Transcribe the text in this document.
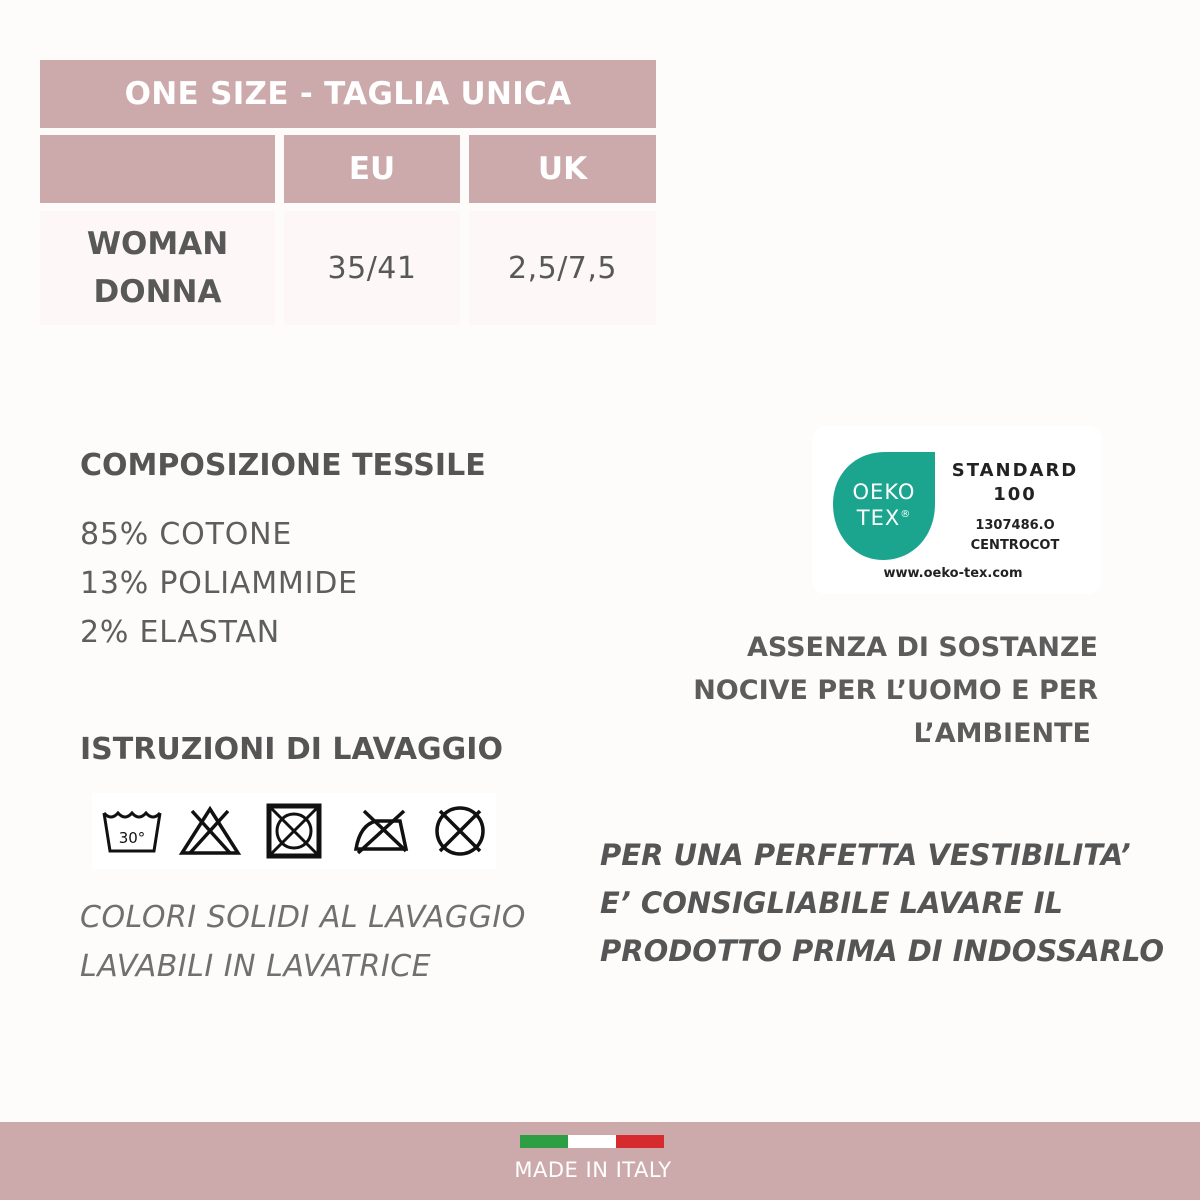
ONE SIZE - TAGLIA UNICA
EU	UK
WOMAN
DONNA
35/41	2,5/7,5
COMPOSIZIONE TESSILE
85% COTONE
13% POLIAMMIDE
2% ELASTAN
ISTRUZIONI DI LAVAGGIO
30°
COLORI SOLIDI AL LAVAGGIO
LAVABILI IN LAVATRICE
OEKO
TEX®
STANDARD
100
1307486.O
CENTROCOT
www.oeko-tex.com
ASSENZA DI SOSTANZE
NOCIVE PER L’UOMO E PER
L’AMBIENTE
PER UNA PERFETTA VESTIBILITA’
E’ CONSIGLIABILE LAVARE IL
PRODOTTO PRIMA DI INDOSSARLO
MADE IN ITALY
